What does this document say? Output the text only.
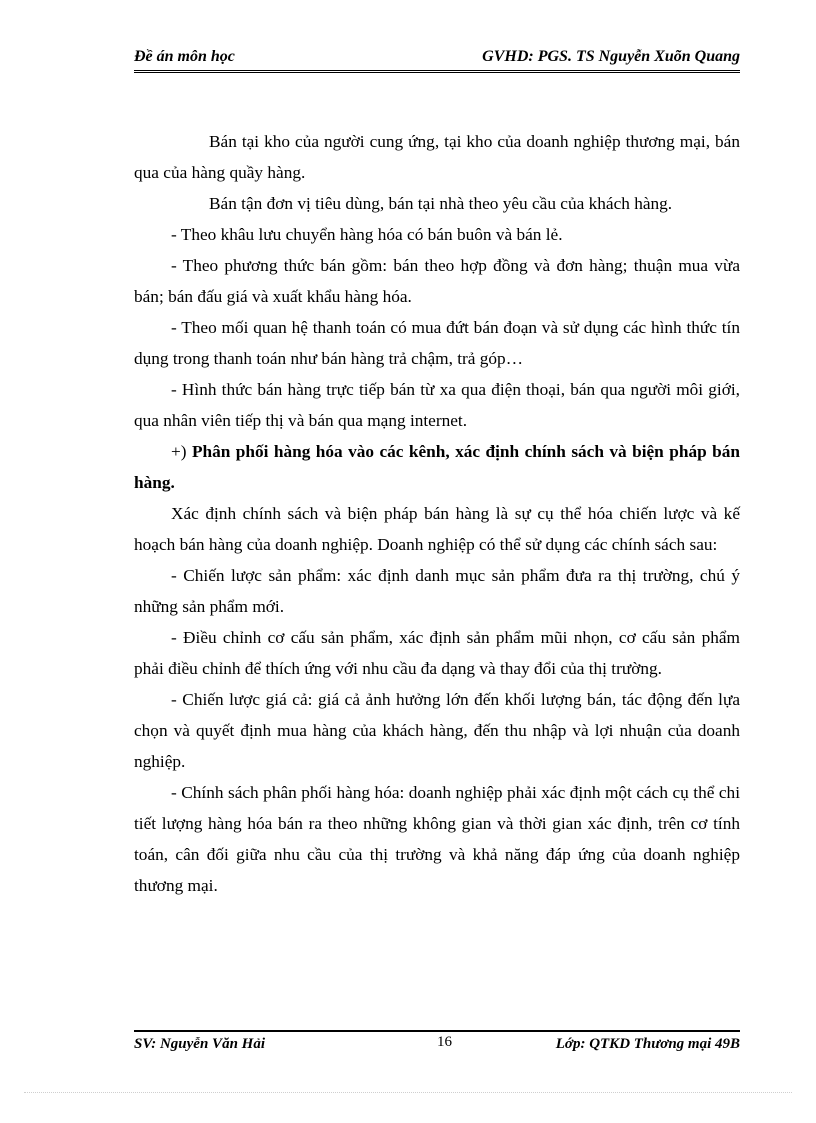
Đề án môn học	GVHD: PGS. TS Nguyễn Xuõn Quang

Bán tại kho của người cung ứng, tại kho của doanh nghiệp thương mại, bán qua của hàng quầy hàng.

Bán tận đơn vị tiêu dùng, bán tại nhà theo yêu cầu của khách hàng.

- Theo khâu lưu chuyển hàng hóa có bán buôn và bán lẻ.

- Theo phương thức bán gồm: bán theo hợp đồng và đơn hàng; thuận mua vừa bán; bán đấu giá và xuất khẩu hàng hóa.

- Theo mối quan hệ thanh toán có mua đứt bán đoạn và sử dụng các hình thức tín dụng trong thanh toán như bán hàng trả chậm, trả góp…

- Hình thức bán hàng trực tiếp bán từ xa qua điện thoại, bán qua người môi giới, qua nhân viên tiếp thị và bán qua mạng internet.

+) Phân phối hàng hóa vào các kênh, xác định chính sách và biện pháp bán hàng.

Xác định chính sách và biện pháp bán hàng là sự cụ thể hóa chiến lược và kế hoạch bán hàng của doanh nghiệp. Doanh nghiệp có thể sử dụng các chính sách sau:

- Chiến lược sản phẩm: xác định danh mục sản phẩm đưa ra thị trường, chú ý những sản phẩm mới.

- Điều chỉnh cơ cấu sản phẩm, xác định sản phẩm mũi nhọn, cơ cấu sản phẩm phải điều chỉnh để thích ứng với nhu cầu đa dạng và thay đổi của thị trường.

- Chiến lược giá cả: giá cả ảnh hưởng lớn đến khối lượng bán, tác động đến lựa chọn và quyết định mua hàng của khách hàng, đến thu nhập và lợi nhuận của doanh nghiệp.

- Chính sách phân phối hàng hóa: doanh nghiệp phải xác định một cách cụ thể chi tiết lượng hàng hóa bán ra theo những không gian và thời gian xác định, trên cơ tính toán, cân đối giữa nhu cầu của thị trường và khả năng đáp ứng của doanh nghiệp thương mại.

SV: Nguyễn Văn Hải	16	Lớp: QTKD Thương mại 49B
